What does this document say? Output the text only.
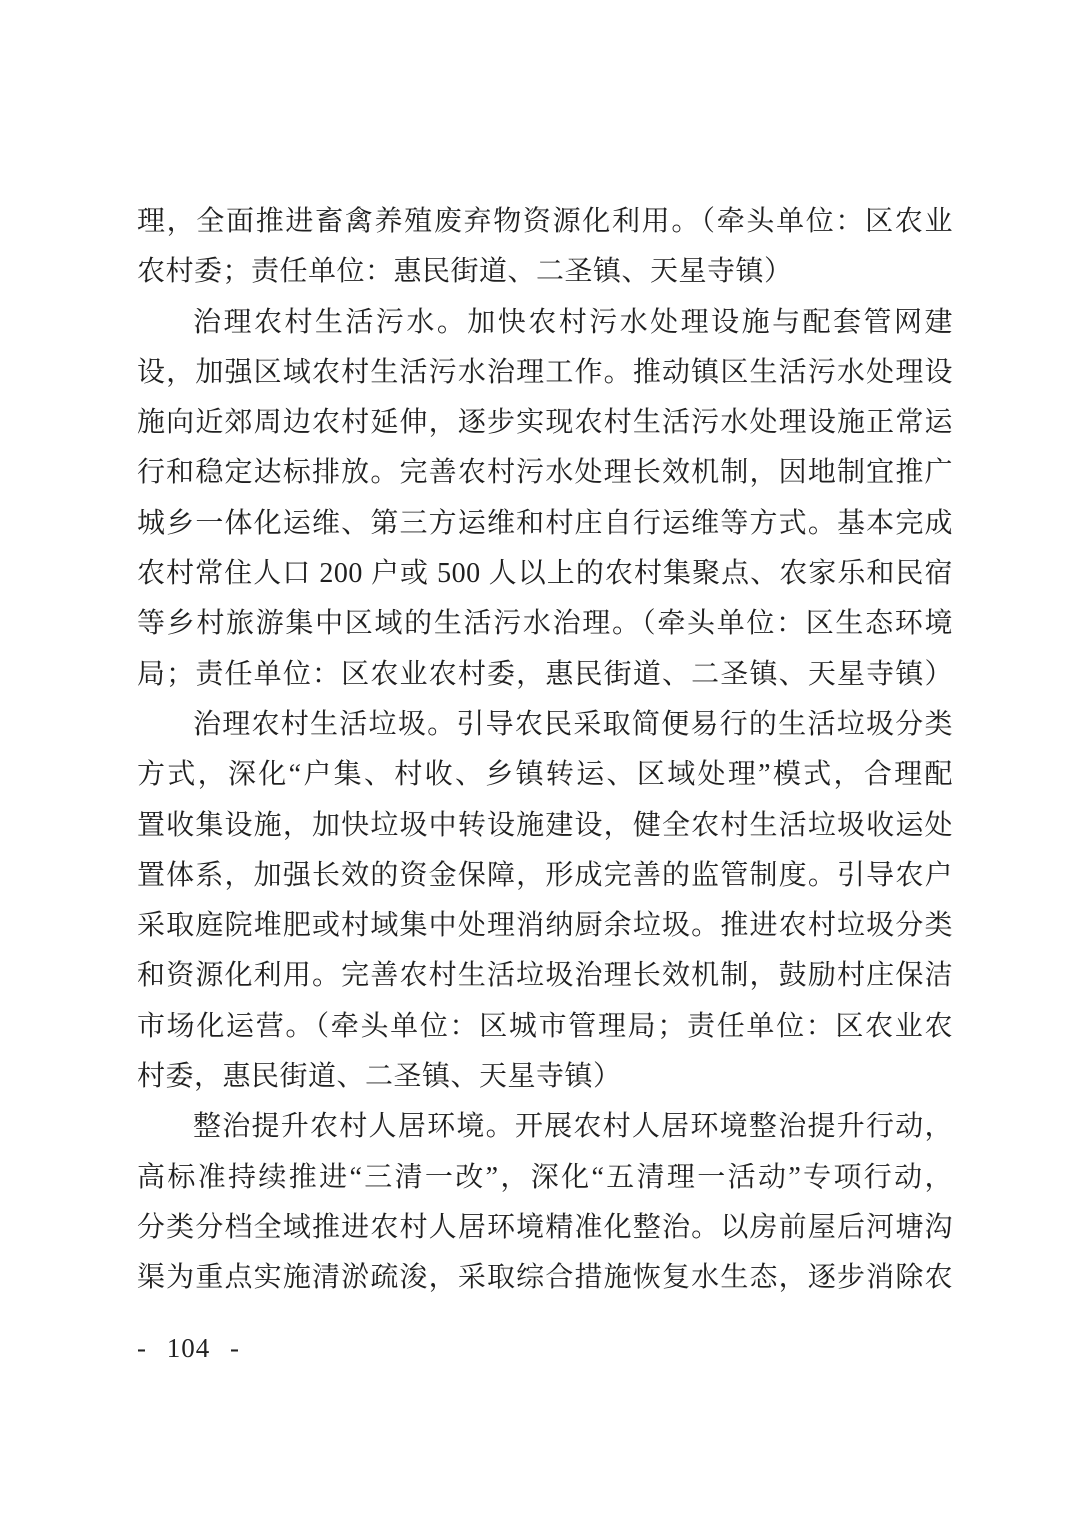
理，全面推进畜禽养殖废弃物资源化利用。（牵头单位：区农业
农村委；责任单位：惠民街道、二圣镇、天星寺镇）
治理农村生活污水。加快农村污水处理设施与配套管网建
设，加强区域农村生活污水治理工作。推动镇区生活污水处理设
施向近郊周边农村延伸，逐步实现农村生活污水处理设施正常运
行和稳定达标排放。完善农村污水处理长效机制，因地制宜推广
城乡一体化运维、第三方运维和村庄自行运维等方式。基本完成
农村常住人口 200 户或 500 人以上的农村集聚点、农家乐和民宿
等乡村旅游集中区域的生活污水治理。（牵头单位：区生态环境
局；责任单位：区农业农村委，惠民街道、二圣镇、天星寺镇）
治理农村生活垃圾。引导农民采取简便易行的生活垃圾分类
方式，深化“户集、村收、乡镇转运、区域处理”模式，合理配
置收集设施，加快垃圾中转设施建设，健全农村生活垃圾收运处
置体系，加强长效的资金保障，形成完善的监管制度。引导农户
采取庭院堆肥或村域集中处理消纳厨余垃圾。推进农村垃圾分类
和资源化利用。完善农村生活垃圾治理长效机制，鼓励村庄保洁
市场化运营。（牵头单位：区城市管理局；责任单位：区农业农
村委，惠民街道、二圣镇、天星寺镇）
整治提升农村人居环境。开展农村人居环境整治提升行动，
高标准持续推进“三清一改”，深化“五清理一活动”专项行动，
分类分档全域推进农村人居环境精准化整治。以房前屋后河塘沟
渠为重点实施清淤疏浚，采取综合措施恢复水生态，逐步消除农
- 104 -
